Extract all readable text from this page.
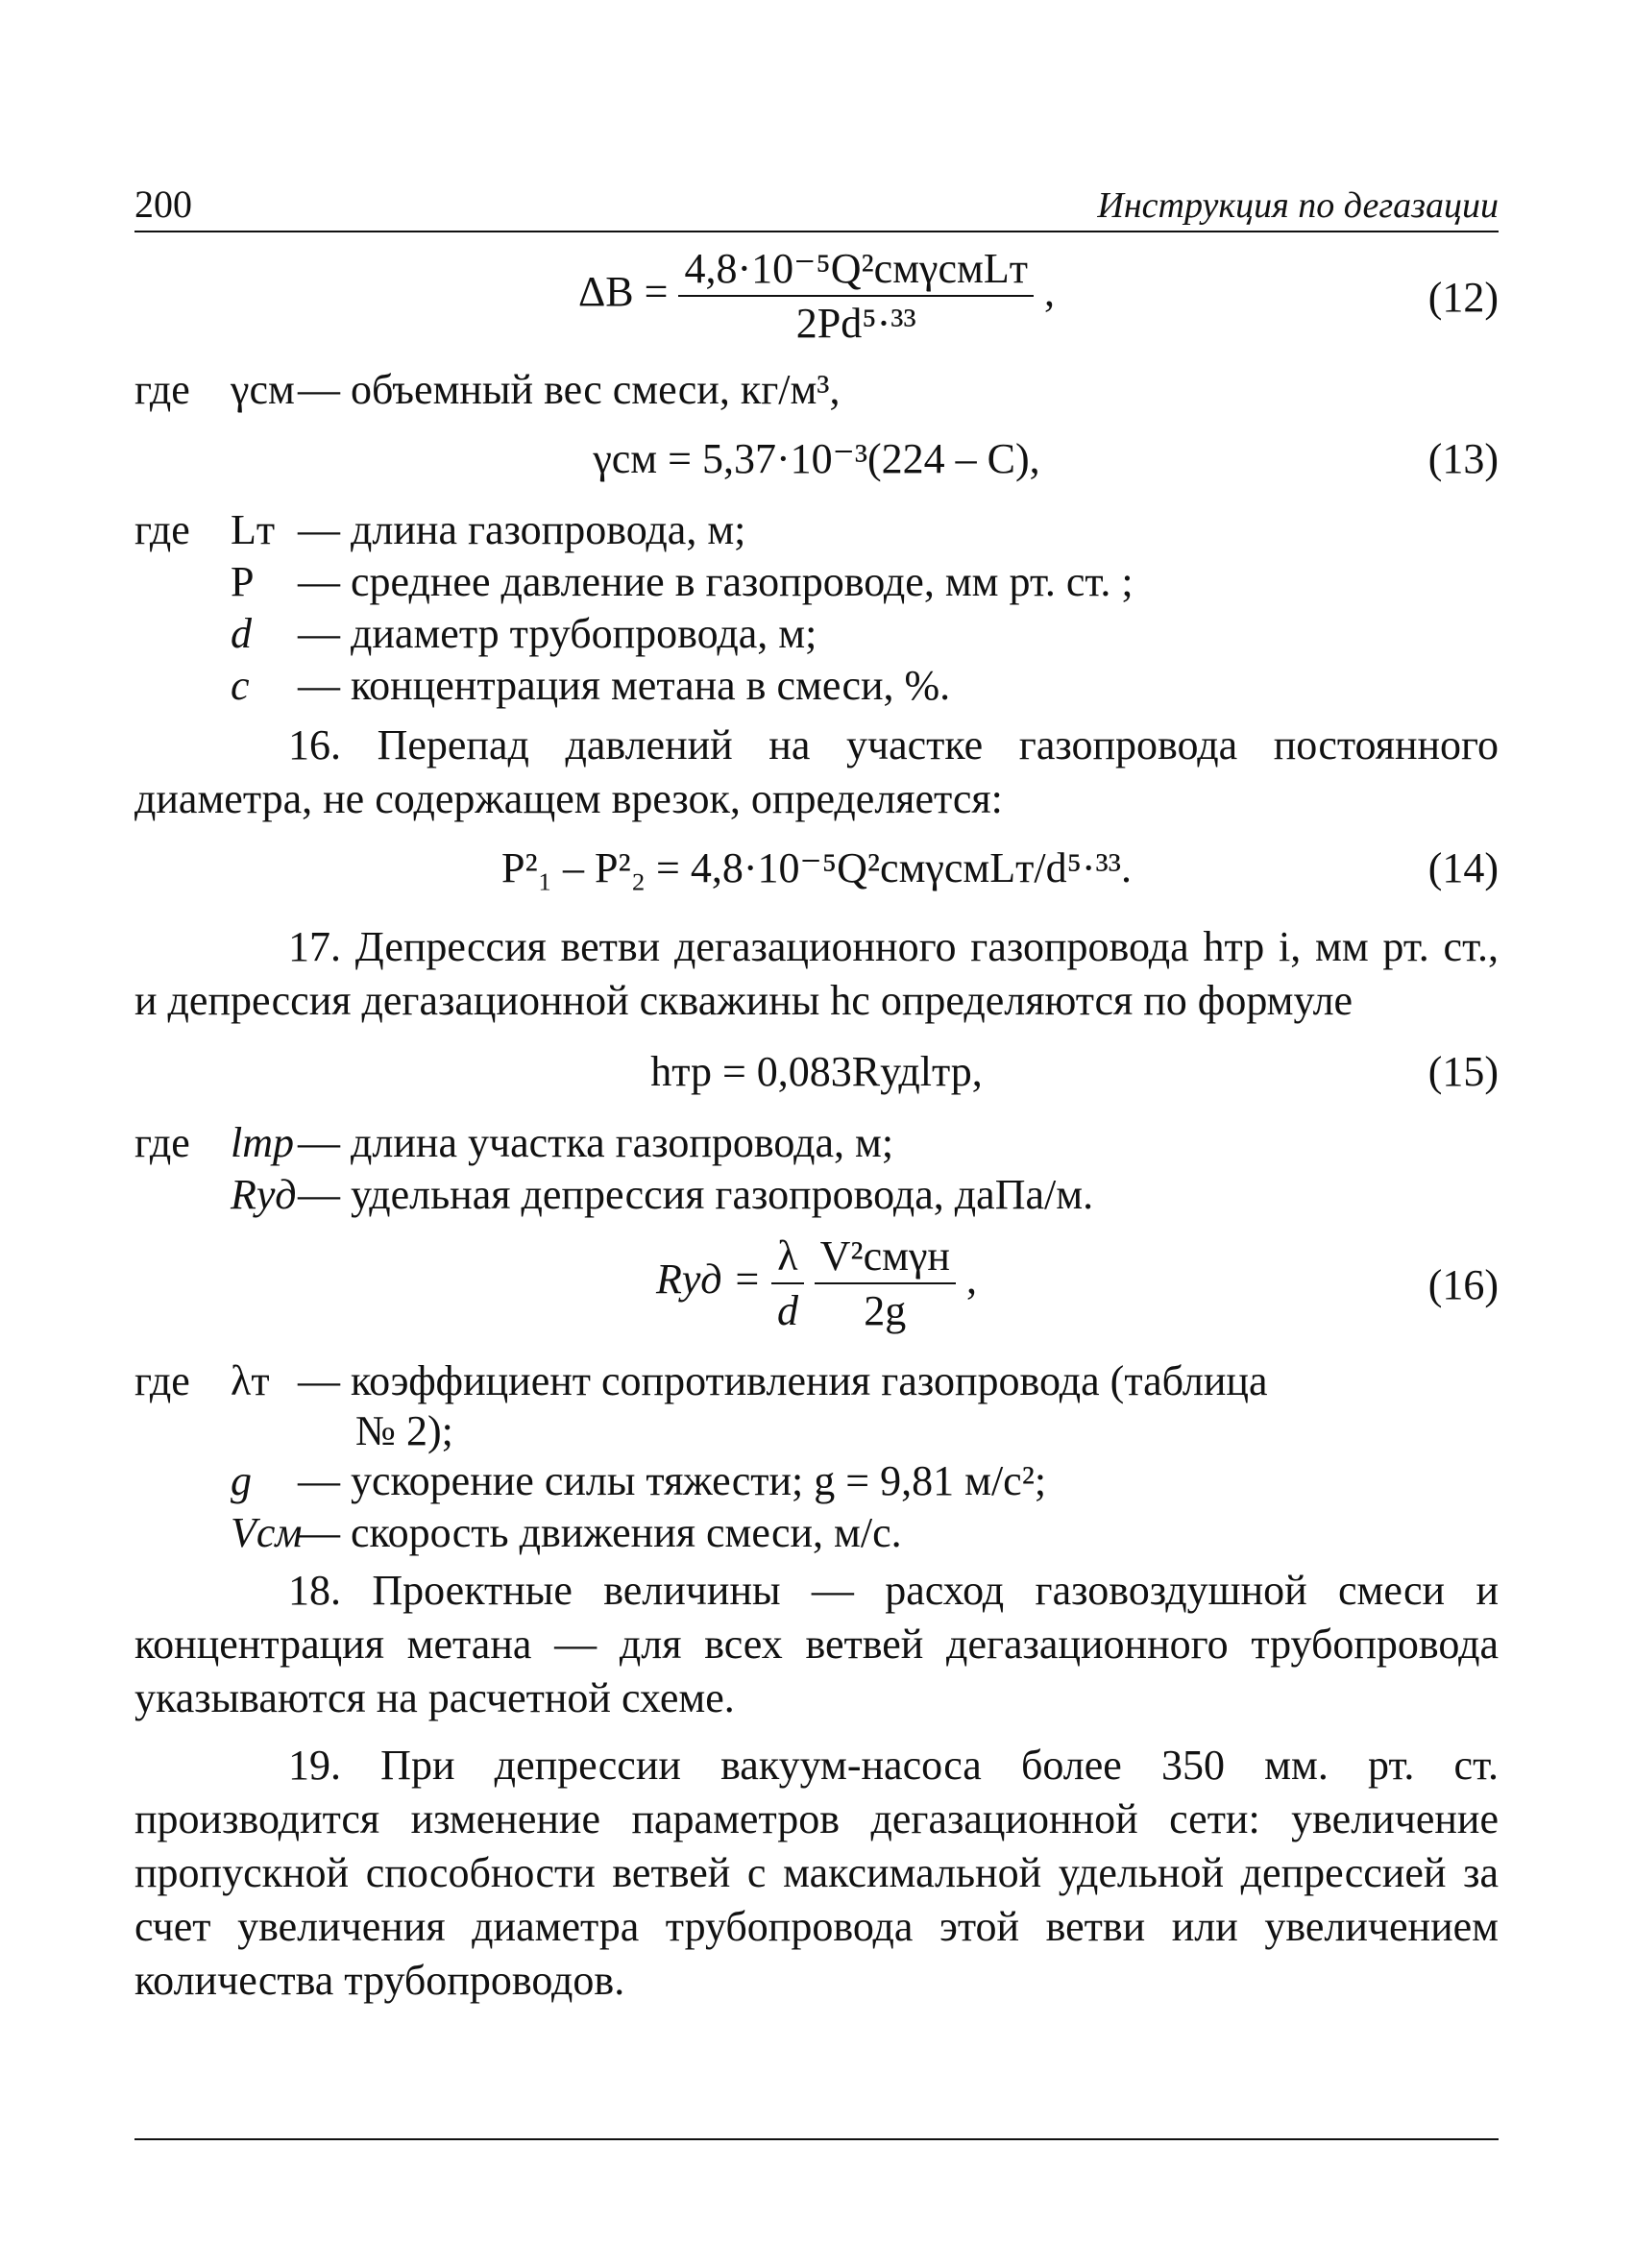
200	Инструкция по дегазации
$\Delta B = \frac{\text{4,8·10⁻⁵Q²смγсмLт}}{\text{2Pd⁵·³³}}$ ,	(12)
где γсм — объемный вес смеси, кг/м³,
γсм = 5,37·10⁻³(224 – C),	(13)
где Lт — длина газопровода, м;
P — среднее давление в газопроводе, мм рт. ст. ;
d — диаметр трубопровода, м;
c — концентрация метана в смеси, %.

16. Перепад давлений на участке газопровода постоянного диаметра, не содержащем врезок, определяется:

P²₁ – P²₂ = 4,8·10⁻⁵Q²смγсмLт/d⁵·³³.	(14)

17. Депрессия ветви дегазационного газопровода hтр i, мм рт. ст., и депрессия дегазационной скважины hс определяются по формуле

hтр = 0,083Rудlтр,	(15)
где lтр — длина участка газопровода, м;
Rуд — удельная депрессия газопровода, даПа/м.
Rуд = $\frac{\lambda}{d}$
$\frac{\text{V²смγн}}{2g}$ ,	(16)
где λт — коэффициент сопротивления газопровода (таблица
№ 2);
g — ускорение силы тяжести; g = 9,81 м/с²;
Vсм
— скорость движения смеси, м/с.

18. Проектные величины — расход газовоздушной смеси и концентрация метана — для всех ветвей дегазационного трубопровода указываются на расчетной схеме.

19. При депрессии вакуум-насоса более 350 мм. рт. ст. производится изменение параметров дегазационной сети: увеличение пропускной способности ветвей с максимальной удельной депрессией за счет увеличения диаметра трубопровода этой ветви или увеличением количества трубопроводов.
